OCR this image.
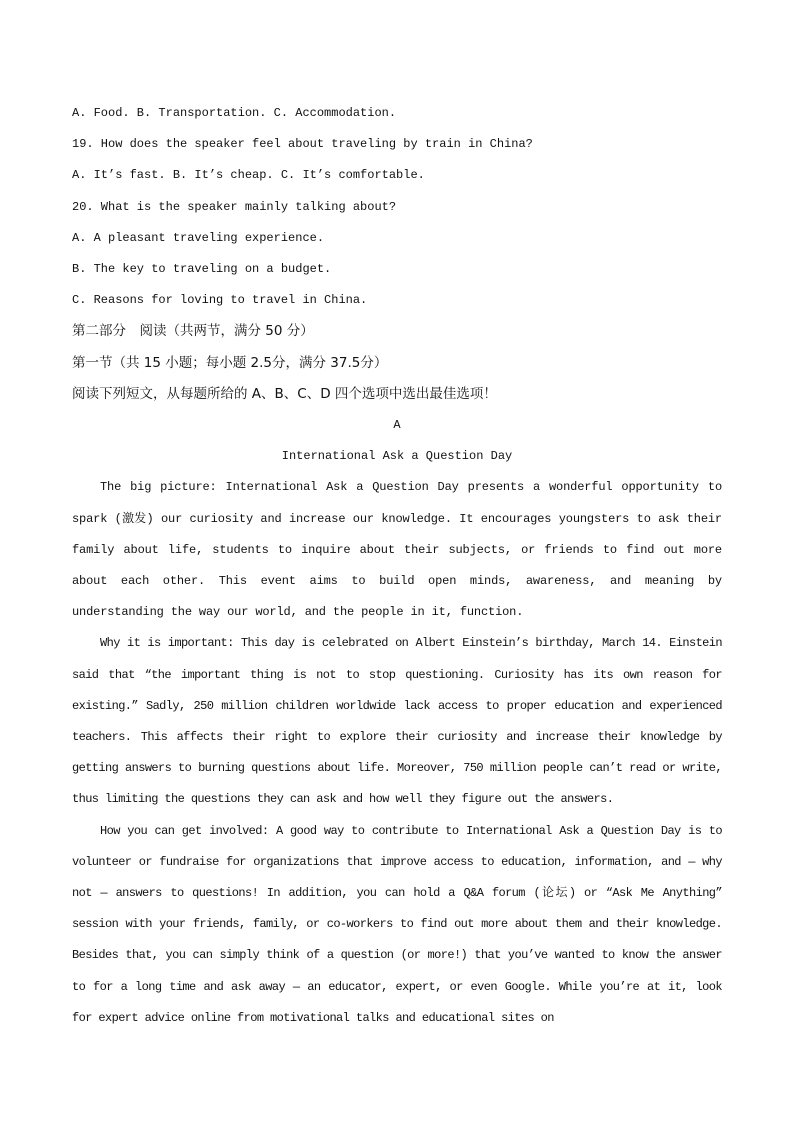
A. Food. B. Transportation. C. Accommodation.

19. How does the speaker feel about traveling by train in China?

A. It’s fast. B. It’s cheap. C. It’s comfortable.

20. What is the speaker mainly talking about?

A. A pleasant traveling experience.

B. The key to traveling on a budget.

C. Reasons for loving to travel in China.

第二部分　阅读（共两节，满分 50 分）

第一节（共 15 小题；每小题 2.5分，满分 37.5分）

阅读下列短文，从每题所给的 A、B、C、D 四个选项中选出最佳选项！

A

International Ask a Question Day

The big picture: International Ask a Question Day presents a wonderful opportunity to spark (激发) our curiosity and increase our knowledge. It encourages youngsters to ask their family about life, students to inquire about their subjects, or friends to find out more about each other. This event aims to build open minds, awareness, and meaning by understanding the way our world, and the people in it, function.

Why it is important: This day is celebrated on Albert Einstein’s birthday, March 14. Einstein said that “the important thing is not to stop questioning. Curiosity has its own reason for existing.” Sadly, 250 million children worldwide lack access to proper education and experienced teachers. This affects their right to explore their curiosity and increase their knowledge by getting answers to burning questions about life. Moreover, 750 million people can’t read or write, thus limiting the questions they can ask and how well they figure out the answers.

How you can get involved: A good way to contribute to International Ask a Question Day is to volunteer or fundraise for organizations that improve access to education, information, and — why not — answers to questions! In addition, you can hold a Q&A forum (论坛) or “Ask Me Anything” session with your friends, family, or co-workers to find out more about them and their knowledge. Besides that, you can simply think of a question (or more!) that you’ve wanted to know the answer to for a long time and ask away — an educator, expert, or even Google. While you’re at it, look for expert advice online from motivational talks and educational sites on
